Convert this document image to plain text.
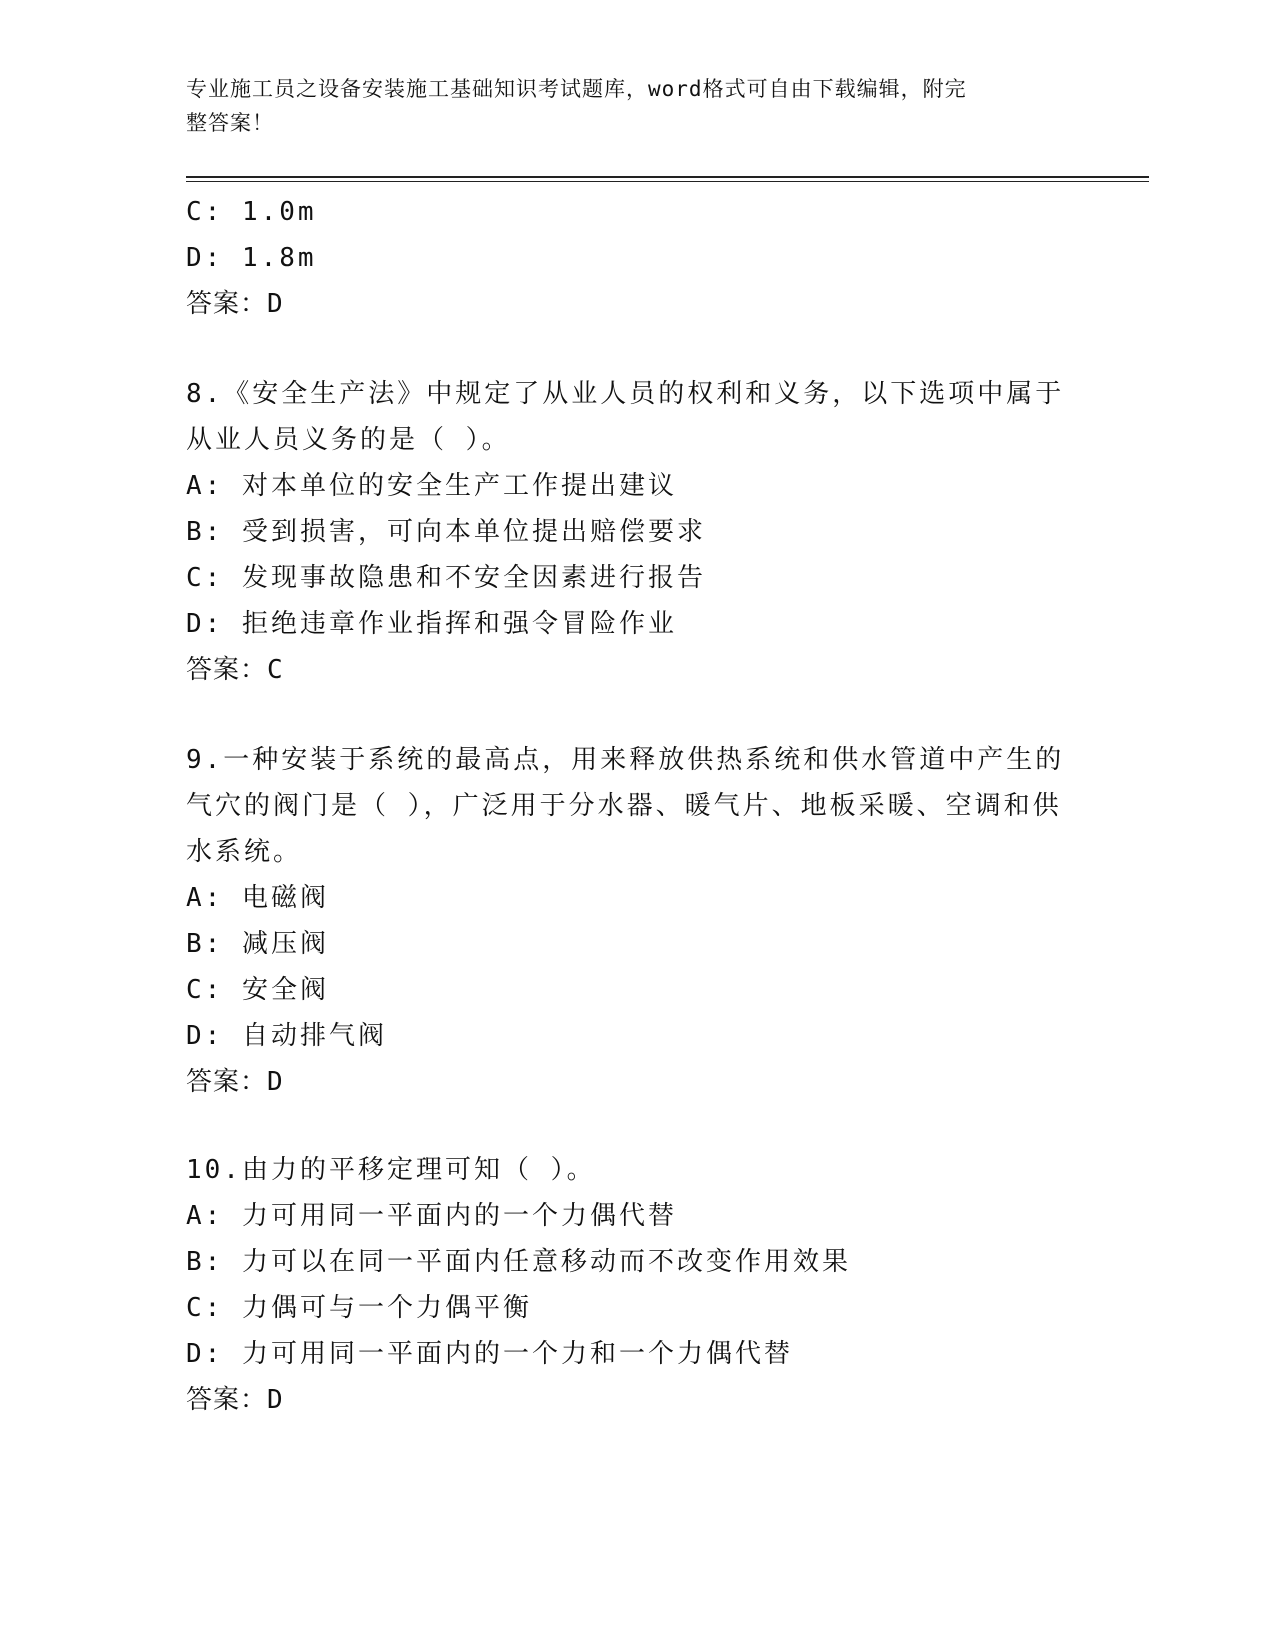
专业施工员之设备安装施工基础知识考试题库，word格式可自由下载编辑，附完
整答案！
C: 1.0m
D: 1.8m
答案：D
8.《安全生产法》中规定了从业人员的权利和义务，以下选项中属于
从业人员义务的是（ ）。
A: 对本单位的安全生产工作提出建议
B: 受到损害，可向本单位提出赔偿要求
C: 发现事故隐患和不安全因素进行报告
D: 拒绝违章作业指挥和强令冒险作业
答案：C
9.一种安装于系统的最高点，用来释放供热系统和供水管道中产生的
气穴的阀门是（ ），广泛用于分水器、暖气片、地板采暖、空调和供
水系统。
A: 电磁阀
B: 减压阀
C: 安全阀
D: 自动排气阀
答案：D
10.由力的平移定理可知（ ）。
A: 力可用同一平面内的一个力偶代替
B: 力可以在同一平面内任意移动而不改变作用效果
C: 力偶可与一个力偶平衡
D: 力可用同一平面内的一个力和一个力偶代替
答案：D
